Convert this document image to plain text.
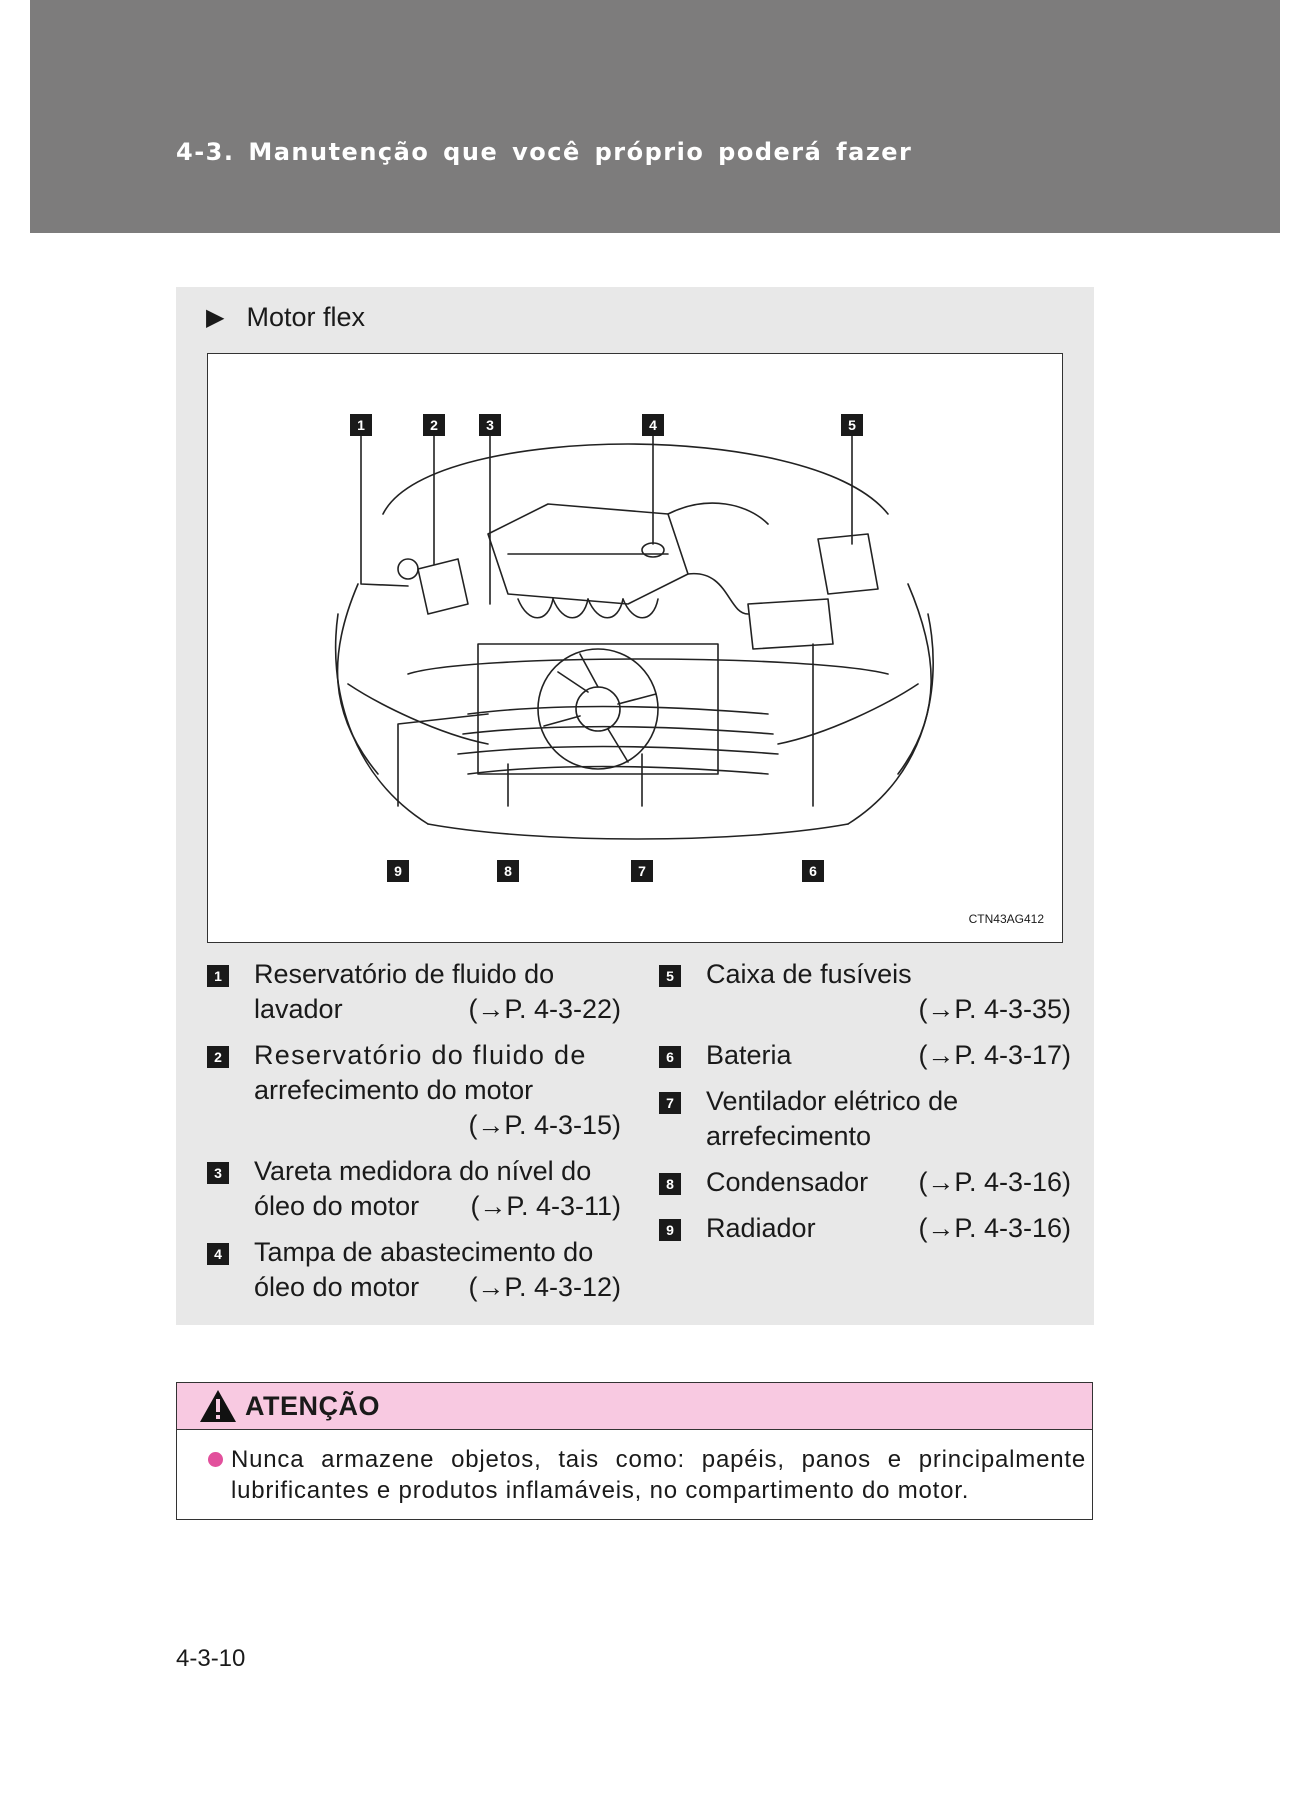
4-3. Manutenção que você próprio poderá fazer
▶ Motor flex
1	2	3	4	5
6
7
8
9
CTN43AG412
1 Reservatório de fluido do
lavador	(→P. 4-3-22)
2 Reservatório do fluido de
arrefecimento do motor
(→P. 4-3-15)
3 Vareta medidora do nível do
óleo do motor (→P. 4-3-11)
4 Tampa de abastecimento do
óleo do motor (→P. 4-3-12)
5 Caixa de fusíveis
(→P. 4-3-35)
6 Bateria	(→P. 4-3-17)
7 Ventilador elétrico de
arrefecimento
8 Condensador (→P. 4-3-16)
9 Radiador	(→P. 4-3-16)
ATENÇÃO
Nunca armazene objetos, tais como: papéis, panos e principalmente lubrificantes e produtos inflamáveis, no compartimento do motor.
4-3-10
